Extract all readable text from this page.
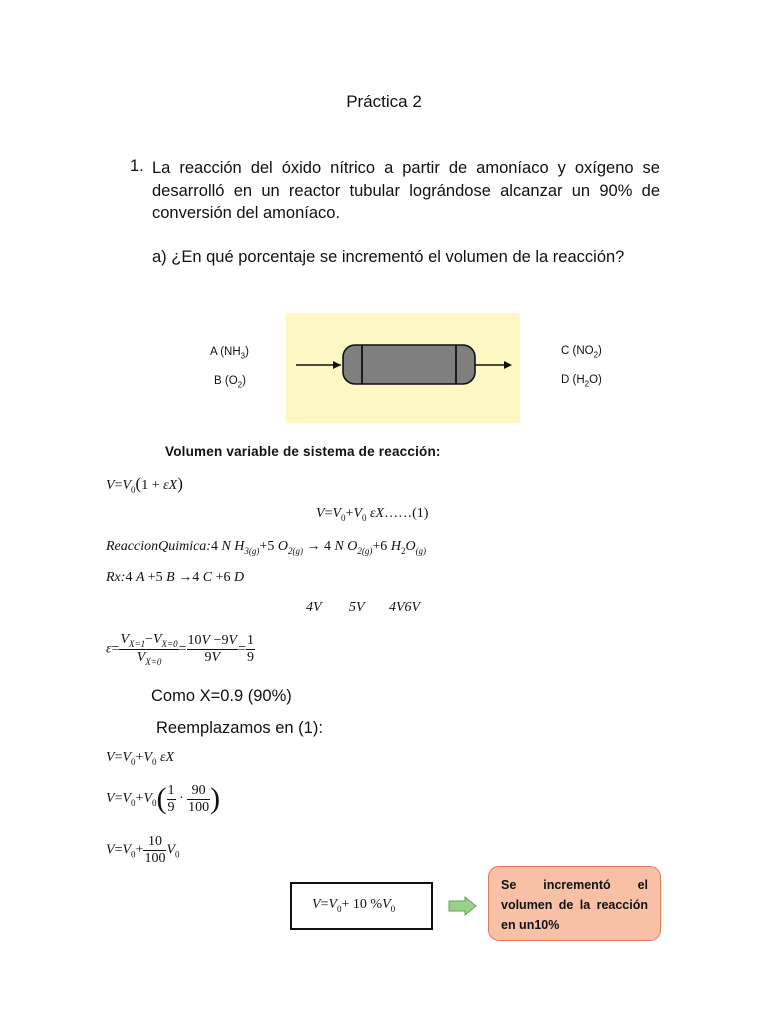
Práctica 2
1. La reacción del óxido nítrico a partir de amoníaco y oxígeno se desarrolló en un reactor tubular lográndose alcanzar un 90% de conversión del amoníaco.
a) ¿En qué porcentaje se incrementó el volumen de la reacción?
A $(NH_3)$
B $(O_2)$
C $(NO_2)$
D $(H_2O)$
Volumen variable de sistema de reacción:
$V=V_0(1 + \varepsilon X)$
$V=V_0+V_0$ εX……(1)
ReaccionQuimica:4 N $H_{3(g)}+5$ $O_{2(g)} \to 4$ N $O_{2(g)}+6$ $H_2O_{(g)}$
Rx:4 A +5 B →4 C +6 D
4V 5V 4V6V
$\varepsilon= \frac{V_{X=1}-V_{X=0}}{V_{X=0}} = \frac{10V -9V}{9V} = \frac{1}{9}$
Como X=0.9 (90%)
Reemplazamos en (1):
$V=V_0+V_0$ εX
$V=V_0+V_0( \frac{1}{9} \cdot \frac{90}{100}$ )
$V=V_0+ \frac{10}{100} V_0$
$V=V_0+ 10$ $\%V_0$
Se incrementó el volumen de la reacción en un10%
